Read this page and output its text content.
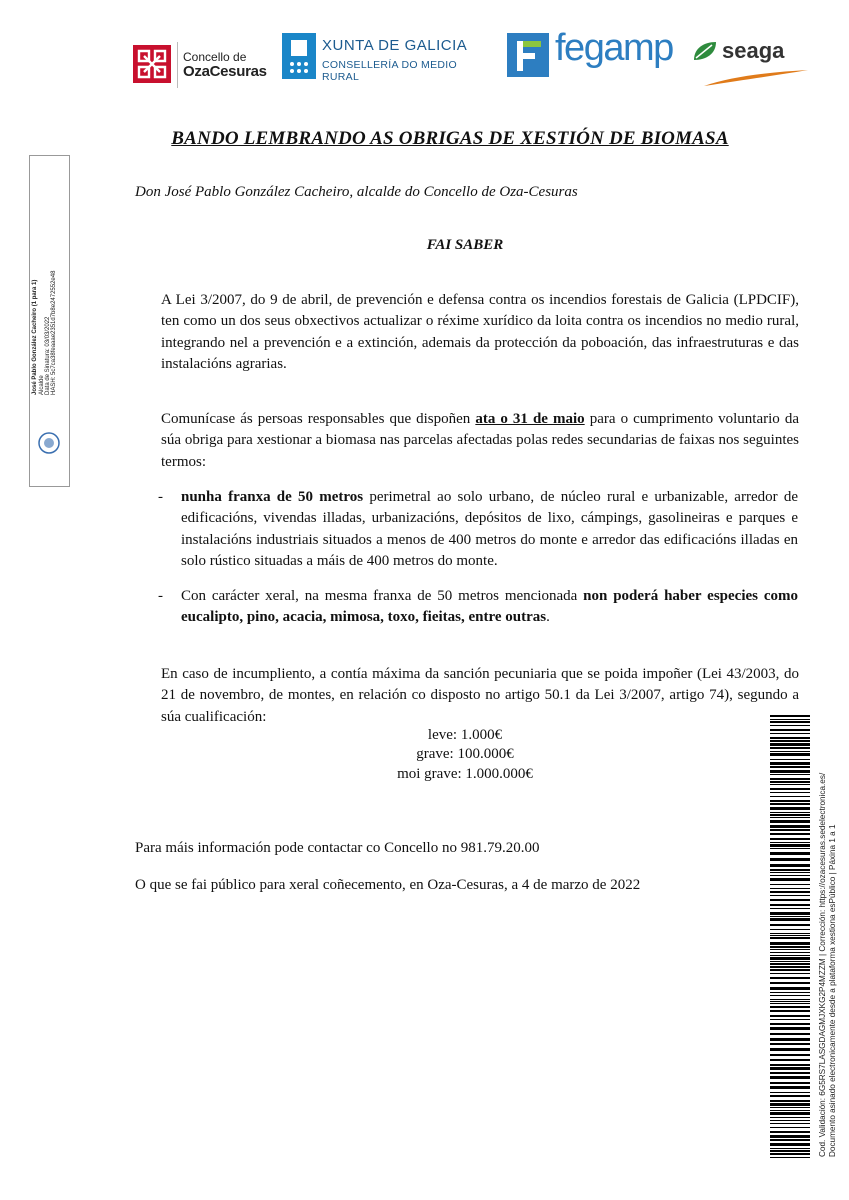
Concello de
OzaCesuras
XUNTA DE GALICIA
CONSELLERÍA DO MEDIO RURAL
fegamp seaga
BANDO LEMBRANDO AS OBRIGAS DE XESTIÓN DE BIOMASA
Don José Pablo González Cacheiro, alcalde do Concello de Oza-Cesuras
FAI SABER
A Lei 3/2007, do 9 de abril, de prevención e defensa contra os incendios forestais de Galicia (LPDCIF), ten como un dos seus obxectivos actualizar o réxime xurídico da loita contra os incendios no medio rural, integrando nel a prevención e a extinción, ademais da protección da poboación, das infraestruturas e das instalacións agrarias.
Comunícase ás persoas responsables que dispoñen ata o 31 de maio para o cumprimento voluntario da súa obriga para xestionar a biomasa nas parcelas afectadas polas redes secundarias de faixas nos seguintes termos:
- nunha franxa de 50 metros perimetral ao solo urbano, de núcleo rural e urbanizable, arredor de edificacións, vivendas illadas, urbanizacións, depósitos de lixo, cámpings, gasolineiras e parques e instalacións industriais situados a menos de 400 metros do monte e arredor das edificacións illadas en solo rústico situadas a máis de 400 metros do monte.
- Con carácter xeral, na mesma franxa de 50 metros mencionada non poderá haber especies como eucalipto, pino, acacia, mimosa, toxo, fieitas, entre outras.
En caso de incumpliento, a contía máxima da sanción pecuniaria que se poida impoñer (Lei 43/2003, do 21 de novembro, de montes, en relación co disposto no artigo 50.1 da Lei 3/2007, artigo 74), segundo a súa cualificación:
leve: 1.000€
grave: 100.000€
moi grave: 1.000.000€
Para máis información pode contactar co Concello no 981.79.20.00
O que se fai público para xeral coñecemento, en Oza-Cesuras, a 4 de marzo de 2022
José Pablo González Cacheiro (1 para 1) Alcalde Data de Sinatura: 03/03/2022 HASH: 5c7ca38feaaae2351d7b8e2472552e48
Cod. Validación: 6G5RS7LASGDAGMJXKG2P4MZZM | Corrección: https://ozacesuras.sedelectronica.es/ Documento asinado electronicamente desde a plataforma xestiona esPúblico | Páxina 1 a 1
